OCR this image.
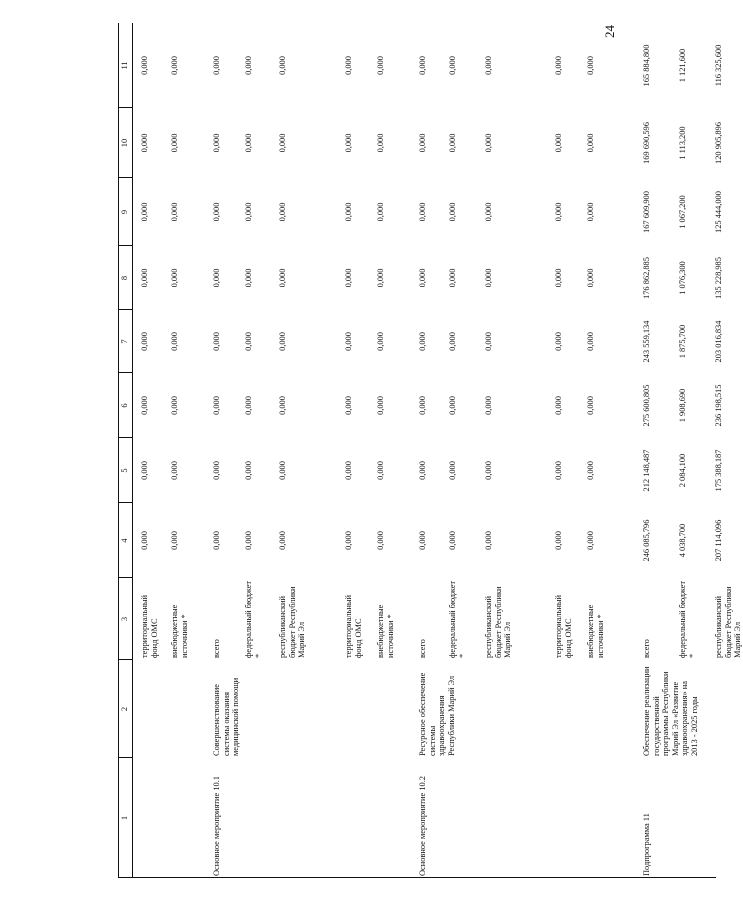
24
1
2
3
4
5
6
7
8
9
10
11
территориальный фонд ОМС
0,000
0,000
0,000
0,000
0,000
0,000
0,000
0,000
внебюджетные источники *
0,000
0,000
0,000
0,000
0,000
0,000
0,000
0,000
Основное мероприятие 10.1
Совершенствование системы оказания медицинской помощи
всего
0,000
0,000
0,000
0,000
0,000
0,000
0,000
0,000
федеральный бюджет *
0,000
0,000
0,000
0,000
0,000
0,000
0,000
0,000
республиканский бюджет Республики Марий Эл
0,000
0,000
0,000
0,000
0,000
0,000
0,000
0,000
территориальный фонд ОМС
0,000
0,000
0,000
0,000
0,000
0,000
0,000
0,000
внебюджетные источники *
0,000
0,000
0,000
0,000
0,000
0,000
0,000
0,000
Основное мероприятие 10.2
Ресурсное обеспечение системы здравоохранения Республики Марий Эл
всего
0,000
0,000
0,000
0,000
0,000
0,000
0,000
0,000
федеральный бюджет *
0,000
0,000
0,000
0,000
0,000
0,000
0,000
0,000
республиканский бюджет Республики Марий Эл
0,000
0,000
0,000
0,000
0,000
0,000
0,000
0,000
территориальный фонд ОМС
0,000
0,000
0,000
0,000
0,000
0,000
0,000
0,000
внебюджетные источники *
0,000
0,000
0,000
0,000
0,000
0,000
0,000
0,000
Подпрограмма 11
Обеспечение реализации государственной программы Республики Марий Эл «Развитие здравоохранения» на 2013 - 2025 годы
всего
246 085,796
212 148,487
275 600,805
243 559,134
176 862,885
167 609,900
169 690,596
165 884,800
федеральный бюджет *
4 038,700
2 084,100
1 908,690
1 875,700
1 076,300
1 067,200
1 113,200
1 121,600
республиканский бюджет Республики Марий Эл
207 114,096
175 388,187
236 198,515
203 016,834
135 228,985
125 444,000
120 905,896
116 325,600
